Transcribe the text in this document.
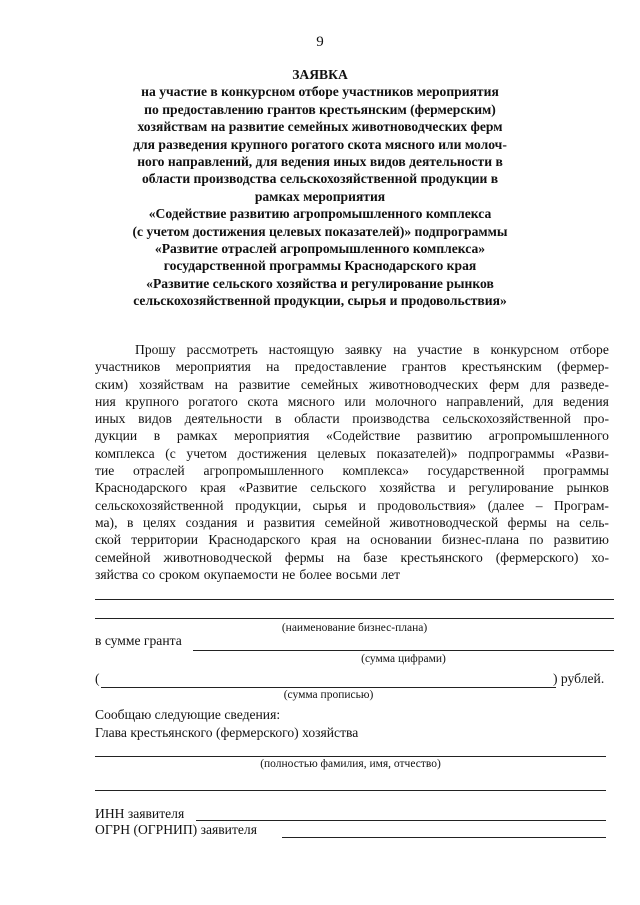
9
ЗАЯВКА
на участие в конкурсном отборе участников мероприятия
по предоставлению грантов крестьянским (фермерским)
хозяйствам на развитие семейных животноводческих ферм
для разведения крупного рогатого скота мясного или молоч-
ного направлений, для ведения иных видов деятельности в
области производства сельскохозяйственной продукции в
рамках мероприятия
«Содействие развитию агропромышленного комплекса
(с учетом достижения целевых показателей)» подпрограммы
«Развитие отраслей агропромышленного комплекса»
государственной программы Краснодарского края
«Развитие сельского хозяйства и регулирование рынков
сельскохозяйственной продукции, сырья и продовольствия»
Прошу рассмотреть настоящую заявку на участие в конкурсном отборе
участников мероприятия на предоставление грантов крестьянским (фермер-
ским) хозяйствам на развитие семейных животноводческих ферм для разведе-
ния крупного рогатого скота мясного или молочного направлений, для ведения
иных видов деятельности в области производства сельскохозяйственной про-
дукции в рамках мероприятия «Содействие развитию агропромышленного
комплекса (с учетом достижения целевых показателей)» подпрограммы «Разви-
тие отраслей агропромышленного комплекса» государственной программы
Краснодарского края «Развитие сельского хозяйства и регулирование рынков
сельскохозяйственной продукции, сырья и продовольствия» (далее – Програм-
ма), в целях создания и развития семейной животноводческой фермы на сель-
ской территории Краснодарского края на основании бизнес-плана по развитию
семейной животноводческой фермы на базе крестьянского (фермерского) хо-
зяйства со сроком окупаемости не более восьми лет
(наименование бизнес-плана)
в сумме гранта
(сумма цифрами)
(	) рублей.
(сумма прописью)
Сообщаю следующие сведения:
Глава крестьянского (фермерского) хозяйства
(полностью фамилия, имя, отчество)
ИНН заявителя
ОГРН (ОГРНИП) заявителя
